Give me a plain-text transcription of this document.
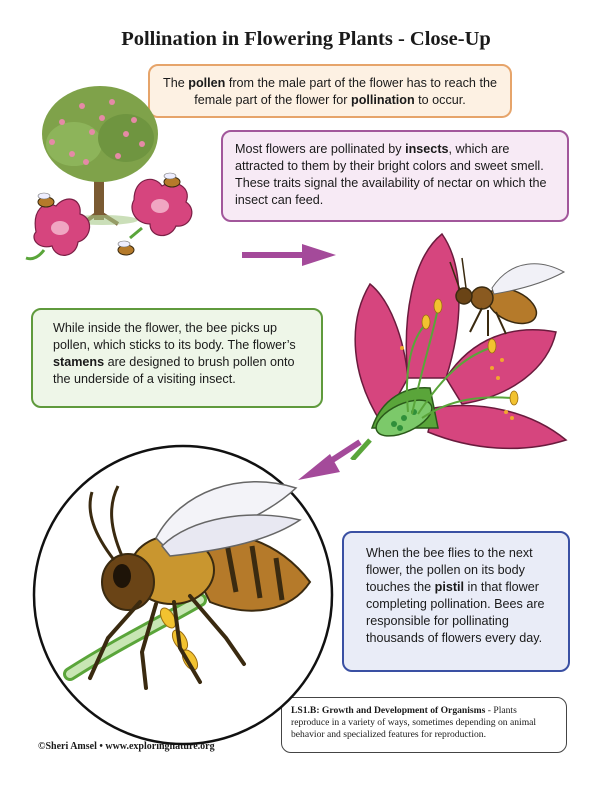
Pollination in Flowering Plants - Close-Up
The pollen from the male part of the flower has to reach the female part of the flower for pollination to occur.
Most flowers are pollinated by insects, which are attracted to them by their bright colors and sweet smell. These traits signal the availability of nectar on which the insect can feed.
While inside the flower, the bee picks up pollen, which sticks to its body. The flower’s stamens are designed to brush pollen onto the underside of a visiting insect.
When the bee flies to the next flower, the pollen on its body touches the pistil in that flower completing pollination. Bees are responsible for pollinating thousands of flowers every day.
LS1.B: Growth and Development of Organisms - Plants reproduce in a variety of ways, sometimes depending on animal behavior and specialized features for reproduction.
©Sheri Amsel • www.exploringnature.org
